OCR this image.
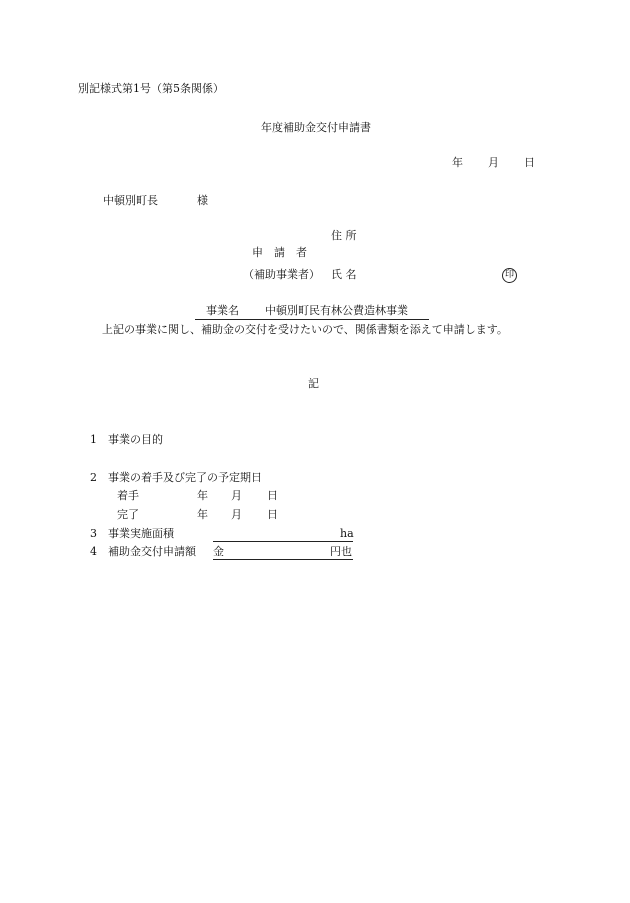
別記様式第1号（第5条関係）
年度補助金交付申請書
年 月 日
中頓別町長	様
住 所
申　請　者
（補助事業者） 氏 名	印
事業名 中頓別町民有林公費造林事業
上記の事業に関し、補助金の交付を受けたいので、関係書類を添えて申請します。
記
1 事業の目的
2 事業の着手及び完了の予定期日
着手	年 月 日
完了	年 月 日
3 事業実施面積	ha
4 補助金交付申請額 金	円也
